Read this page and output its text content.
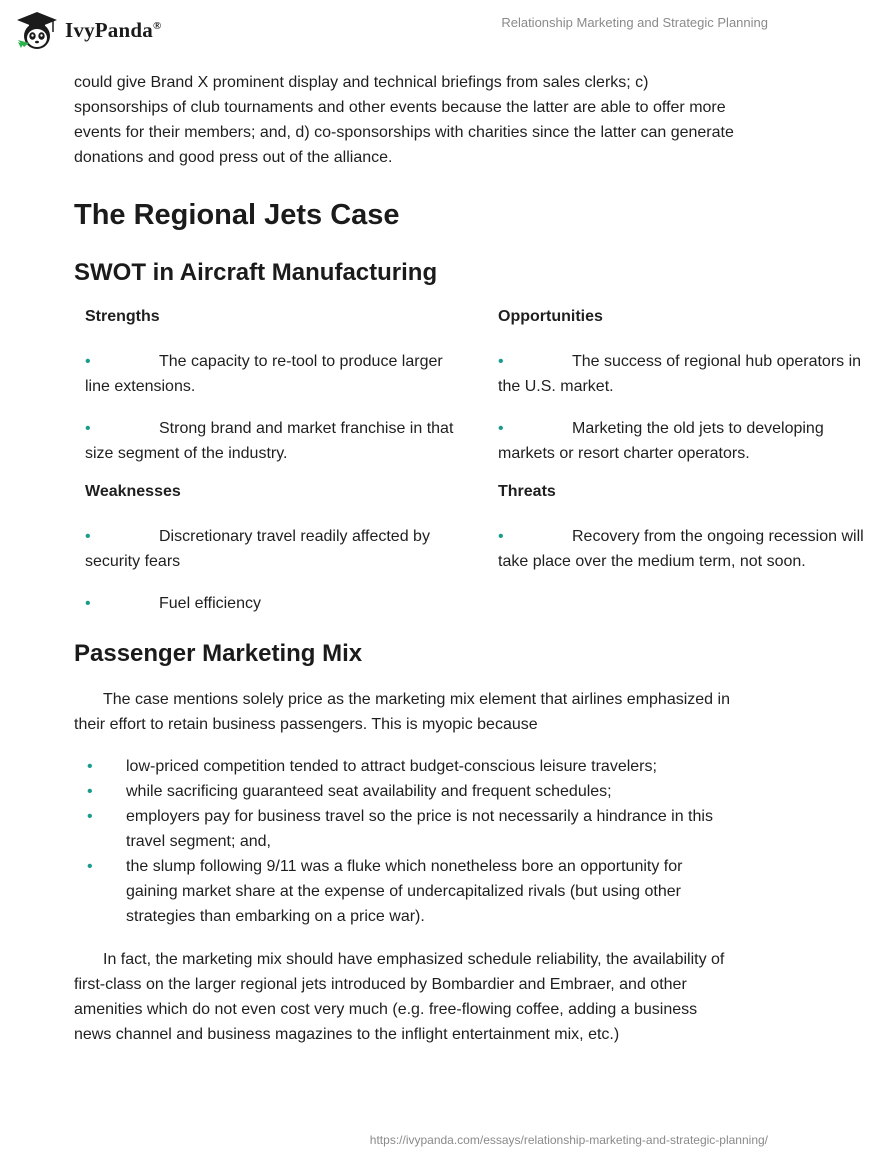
IvyPanda®	Relationship Marketing and Strategic Planning

could give Brand X prominent display and technical briefings from sales clerks; c) sponsorships of club tournaments and other events because the latter are able to offer more events for their members; and, d) co-sponsorships with charities since the latter can generate donations and good press out of the alliance.

The Regional Jets Case
SWOT in Aircraft Manufacturing

Strengths

•	The capacity to re-tool to produce larger line extensions.

•	Strong brand and market franchise in that size segment of the industry.

Weaknesses

•	Discretionary travel readily affected by security fears

•	Fuel efficiency

Opportunities

•	The success of regional hub operators in
the U.S. market.

•	Marketing the old jets to developing
markets or resort charter operators.

Threats

•	Recovery from the ongoing recession will
take place over the medium term, not soon.

Passenger Marketing Mix

The case mentions solely price as the marketing mix element that airlines emphasized in their effort to retain business passengers. This is myopic because

• low-priced competition tended to attract budget-conscious leisure travelers;
• while sacrificing guaranteed seat availability and frequent schedules;
• employers pay for business travel so the price is not necessarily a hindrance in this travel segment; and,
• the slump following 9/11 was a fluke which nonetheless bore an opportunity for gaining market share at the expense of undercapitalized rivals (but using other strategies than embarking on a price war).

In fact, the marketing mix should have emphasized schedule reliability, the availability of first-class on the larger regional jets introduced by Bombardier and Embraer, and other amenities which do not even cost very much (e.g. free-flowing coffee, adding a business news channel and business magazines to the inflight entertainment mix, etc.)

https://ivypanda.com/essays/relationship-marketing-and-strategic-planning/
